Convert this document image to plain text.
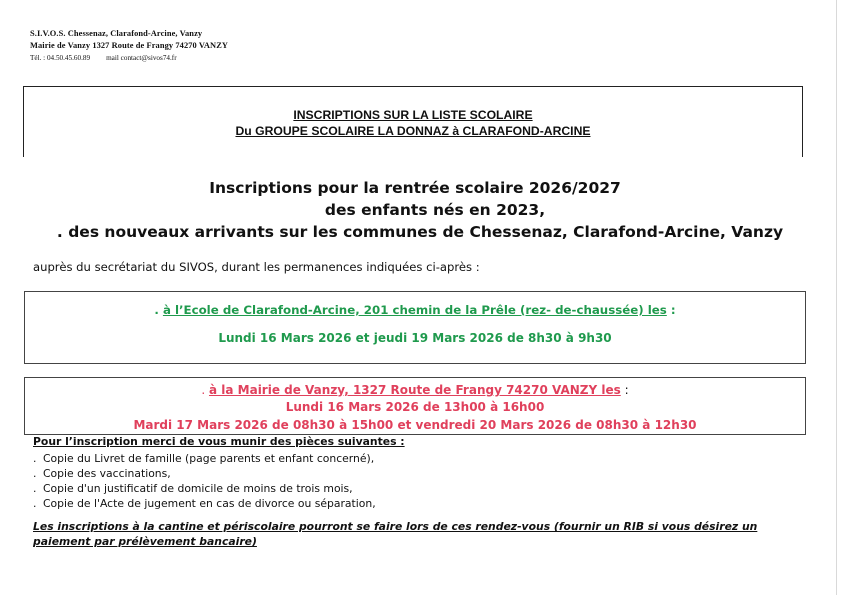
S.I.V.O.S. Chessenaz, Clarafond-Arcine, Vanzy
Mairie de Vanzy 1327 Route de Frangy 74270 VANZY
Tél. : 04.50.45.60.89 mail contact@sivos74.fr
INSCRIPTIONS SUR LA LISTE SCOLAIRE
Du GROUPE SCOLAIRE LA DONNAZ à CLARAFOND-ARCINE
Inscriptions pour la rentrée scolaire 2026/2027
des enfants nés en 2023,
. des nouveaux arrivants sur les communes de Chessenaz, Clarafond-Arcine, Vanzy
auprès du secrétariat du SIVOS, durant les permanences indiquées ci-après :
. à l’Ecole de Clarafond-Arcine, 201 chemin de la Prêle (rez- de-chaussée) les :
Lundi 16 Mars 2026 et jeudi 19 Mars 2026 de 8h30 à 9h30
. à la Mairie de Vanzy, 1327 Route de Frangy 74270 VANZY les :
Lundi 16 Mars 2026 de 13h00 à 16h00
Mardi 17 Mars 2026 de 08h30 à 15h00 et vendredi 20 Mars 2026 de 08h30 à 12h30
Pour l’inscription merci de vous munir des pièces suivantes :
. Copie du Livret de famille (page parents et enfant concerné),
. Copie des vaccinations,
. Copie d'un justificatif de domicile de moins de trois mois,
. Copie de l'Acte de jugement en cas de divorce ou séparation,
Les inscriptions à la cantine et périscolaire pourront se faire lors de ces rendez-vous (fournir un RIB si vous désirez un paiement par prélèvement bancaire)
